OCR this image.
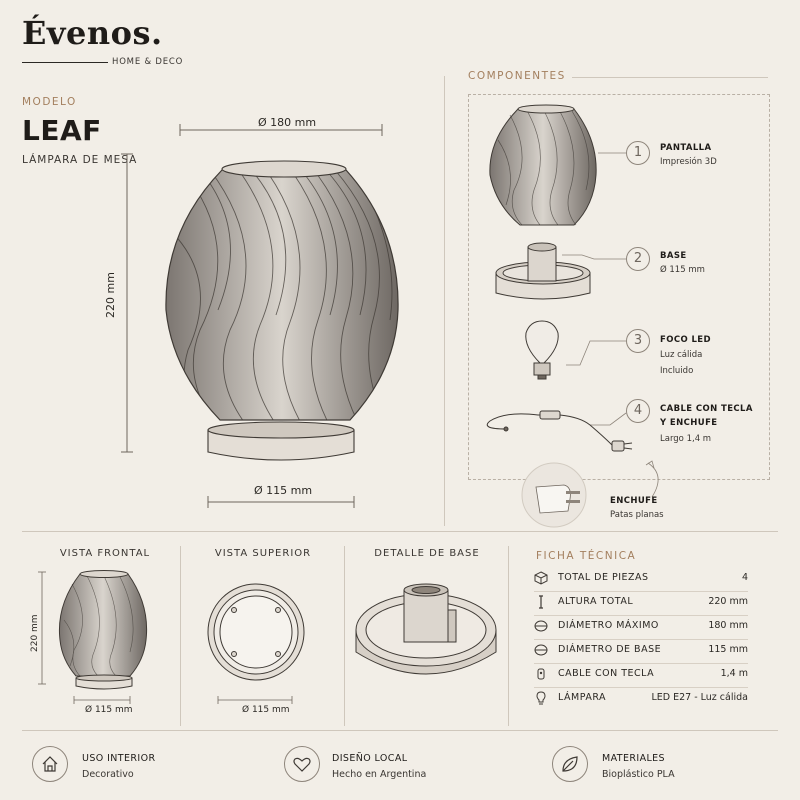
Évenos.
HOME & DECO
MODELO
LEAF
LÁMPARA DE MESA
Ø 180 mm
220 mm
Ø 115 mm
COMPONENTES
1	PANTALLA
Impresión 3D
2	BASE
Ø 115 mm
3	FOCO LED
Luz cálida
Incluido
4	CABLE CON TECLA
Y ENCHUFE
Largo 1,4 m
ENCHUFE
Patas planas
VISTA FRONTAL	VISTA SUPERIOR	DETALLE DE BASE
220 mm
Ø 115 mm	Ø 115 mm
FICHA TÉCNICA
TOTAL DE PIEZAS	4
ALTURA TOTAL	220 mm
DIÁMETRO MÁXIMO	180 mm
DIÁMETRO DE BASE	115 mm
CABLE CON TECLA	1,4 m
LÁMPARA	LED E27 - Luz cálida
USO INTERIOR
Decorativo
DISEÑO LOCAL
Hecho en Argentina
MATERIALES
Bioplástico PLA
